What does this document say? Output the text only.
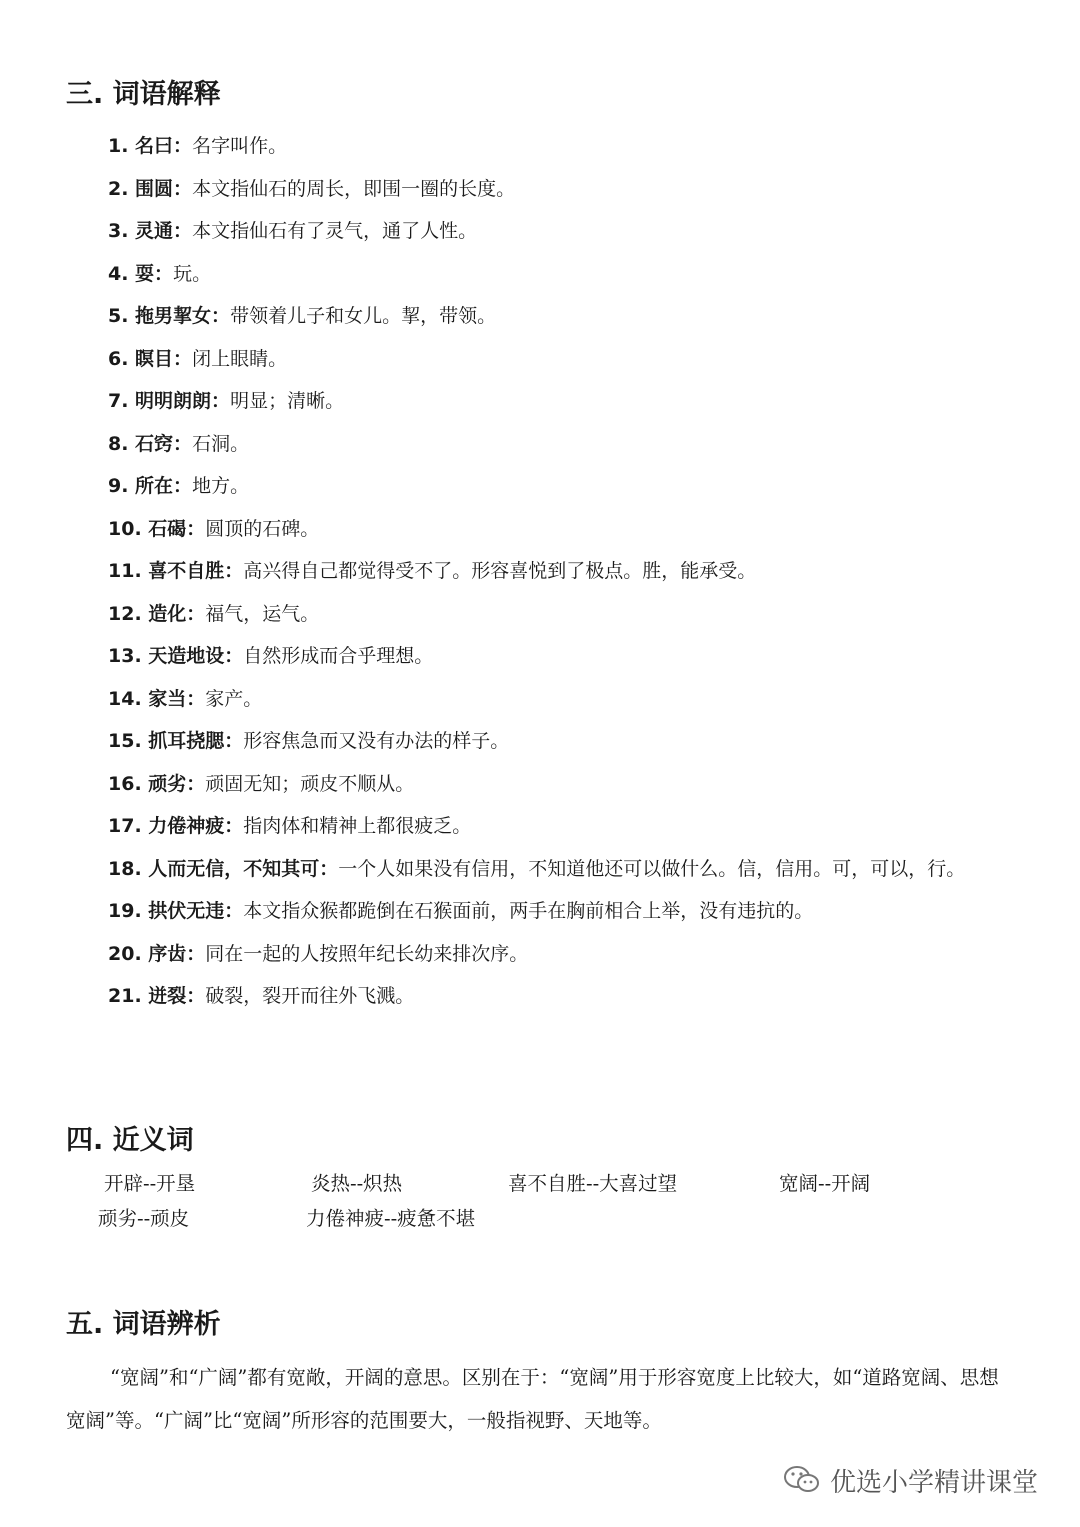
三. 词语解释
1. 名曰：名字叫作。
2. 围圆：本文指仙石的周长，即围一圈的长度。
3. 灵通：本文指仙石有了灵气，通了人性。
4. 耍：玩。
5. 拖男挈女：带领着儿子和女儿。挈，带领。
6. 瞑目：闭上眼睛。
7. 明明朗朗：明显；清晰。
8. 石窍：石洞。
9. 所在：地方。
10. 石碣：圆顶的石碑。
11. 喜不自胜：高兴得自己都觉得受不了。形容喜悦到了极点。胜，能承受。
12. 造化：福气，运气。
13. 天造地设：自然形成而合乎理想。
14. 家当：家产。
15. 抓耳挠腮：形容焦急而又没有办法的样子。
16. 顽劣：顽固无知；顽皮不顺从。
17. 力倦神疲：指肉体和精神上都很疲乏。
18. 人而无信，不知其可：一个人如果没有信用，不知道他还可以做什么。信，信用。可，可以，行。
19. 拱伏无违：本文指众猴都跪倒在石猴面前，两手在胸前相合上举，没有违抗的。
20. 序齿：同在一起的人按照年纪长幼来排次序。
21. 迸裂：破裂，裂开而往外飞溅。
四. 近义词
开辟--开垦	炎热--炽热	喜不自胜--大喜过望	宽阔--开阔
顽劣--顽皮	力倦神疲--疲惫不堪
五. 词语辨析
“宽阔”和“广阔”都有宽敞，开阔的意思。区别在于：“宽阔”用于形容宽度上比较大，如“道路宽阔、思想宽阔”等。“广阔”比“宽阔”所形容的范围要大，一般指视野、天地等。
优选小学精讲课堂
